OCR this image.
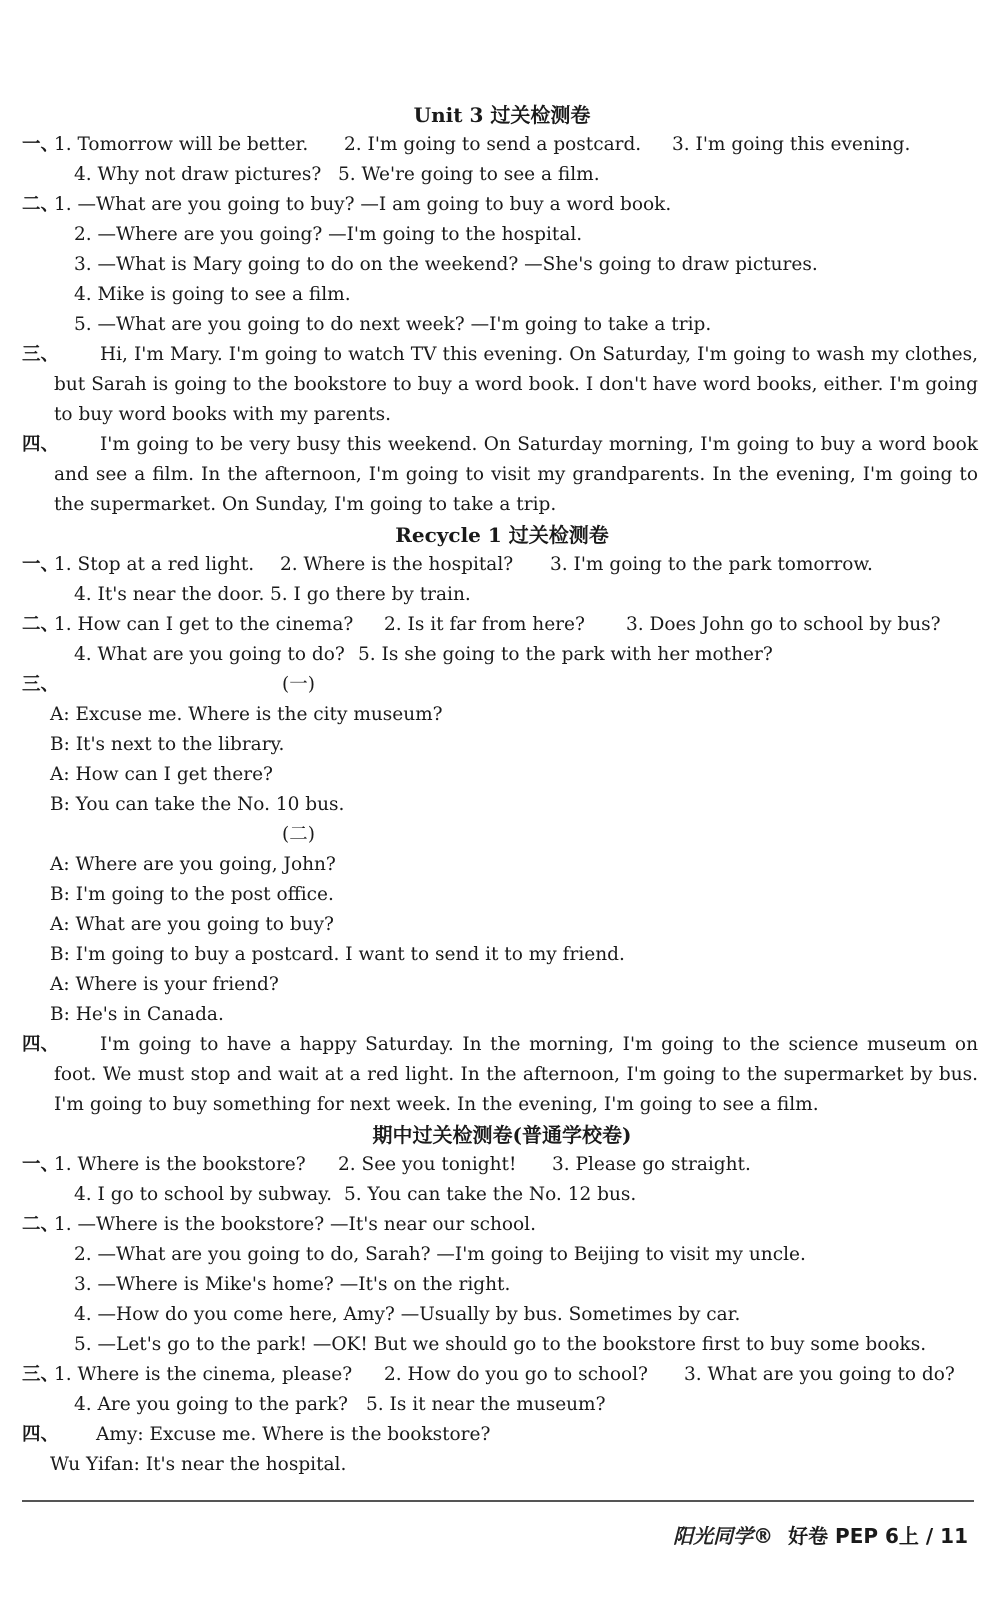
Unit 3 过关检测卷
一、
1. Tomorrow will be better. 2. I'm going to send a postcard. 3. I'm going this evening.
4. Why not draw pictures? 5. We're going to see a film.
二、
1. —What are you going to buy? —I am going to buy a word book.
2. —Where are you going? —I'm going to the hospital.
3. —What is Mary going to do on the weekend? —She's going to draw pictures.
4. Mike is going to see a film.
5. —What are you going to do next week? —I'm going to take a trip.
三、	Hi, I'm Mary. I'm going to watch TV this evening. On Saturday, I'm going to wash my clothes, but Sarah is going to the bookstore to buy a word book. I don't have word books, either. I'm going to buy word books with my parents.
四、	I'm going to be very busy this weekend. On Saturday morning, I'm going to buy a word book and see a film. In the afternoon, I'm going to visit my grandparents. In the evening, I'm going to the supermarket. On Sunday, I'm going to take a trip.
Recycle 1 过关检测卷
一、
1. Stop at a red light. 2. Where is the hospital? 3. I'm going to the park tomorrow.
4. It's near the door. 5. I go there by train.
二、
1. How can I get to the cinema? 2. Is it far from here? 3. Does John go to school by bus?
4. What are you going to do? 5. Is she going to the park with her mother?
三、	(一)
A: Excuse me. Where is the city museum?
B: It's next to the library.
A: How can I get there?
B: You can take the No. 10 bus.
(二)
A: Where are you going, John?
B: I'm going to the post office.
A: What are you going to buy?
B: I'm going to buy a postcard. I want to send it to my friend.
A: Where is your friend?
B: He's in Canada.
四、	I'm going to have a happy Saturday. In the morning, I'm going to the science museum on foot. We must stop and wait at a red light. In the afternoon, I'm going to the supermarket by bus. I'm going to buy something for next week. In the evening, I'm going to see a film.
期中过关检测卷(普通学校卷)
一、
1. Where is the bookstore? 2. See you tonight! 3. Please go straight.
4. I go to school by subway. 5. You can take the No. 12 bus.
二、
1. —Where is the bookstore? —It's near our school.
2. —What are you going to do, Sarah? —I'm going to Beijing to visit my uncle.
3. —Where is Mike's home? —It's on the right.
4. —How do you come here, Amy? —Usually by bus. Sometimes by car.
5. —Let's go to the park! —OK! But we should go to the bookstore first to buy some books.
三、
1. Where is the cinema, please? 2. How do you go to school? 3. What are you going to do?
4. Are you going to the park? 5. Is it near the museum?
四、 Amy: Excuse me. Where is the bookstore?
Wu Yifan: It's near the hospital.
阳光同学® 好卷 PEP 6上 / 11
